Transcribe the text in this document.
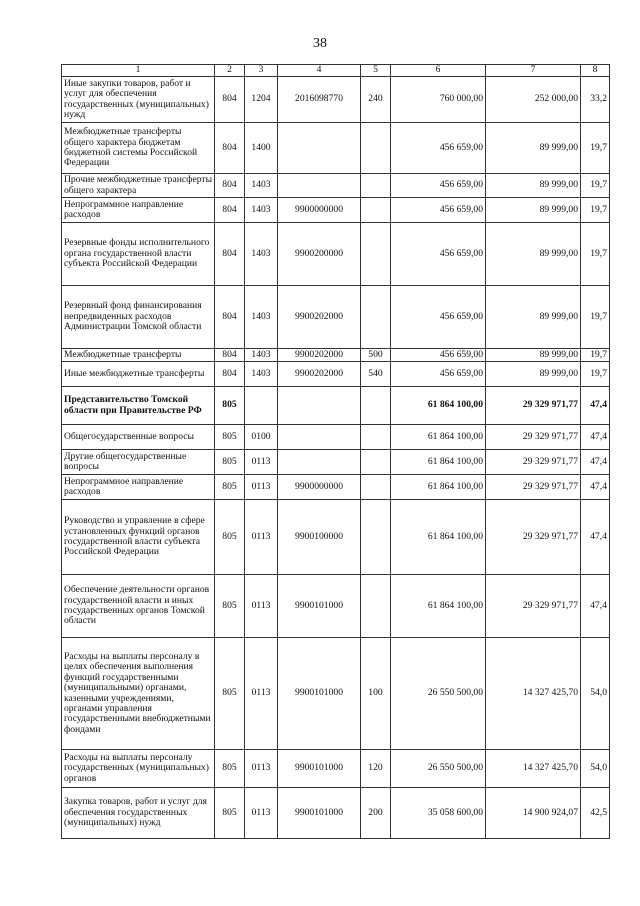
38
1	2	3	4	5	6	7	8
Иные закупки товаров, работ и услуг для обеспечения государственных (муниципальных) нужд	804	1204	2016098770	240	760 000,00	252 000,00	33,2
Межбюджетные трансферты общего характера бюджетам бюджетной системы Российской Федерации	804	1400			456 659,00	89 999,00	19,7
Прочие межбюджетные трансферты общего характера	804	1403			456 659,00	89 999,00	19,7
Непрограммное направление расходов	804	1403	9900000000		456 659,00	89 999,00	19,7
Резервные фонды исполнительного органа государственной власти субъекта Российской Федерации	804	1403	9900200000		456 659,00	89 999,00	19,7
Резервный фонд финансирования непредвиденных расходов Администрации Томской области	804	1403	9900202000		456 659,00	89 999,00	19,7
Межбюджетные трансферты	804	1403	9900202000	500	456 659,00	89 999,00	19,7
Иные межбюджетные трансферты	804	1403	9900202000	540	456 659,00	89 999,00	19,7
Представительство Томской области при Правительстве РФ	805				61 864 100,00	29 329 971,77	47,4
Общегосударственные вопросы	805	0100			61 864 100,00	29 329 971,77	47,4
Другие общегосударственные вопросы	805	0113			61 864 100,00	29 329 971,77	47,4
Непрограммное направление расходов	805	0113	9900000000		61 864 100,00	29 329 971,77	47,4
Руководство и управление в сфере установленных функций органов государственной власти субъекта Российской Федерации	805	0113	9900100000		61 864 100,00	29 329 971,77	47,4
Обеспечение деятельности органов государственной власти и иных государственных органов Томской области	805	0113	9900101000		61 864 100,00	29 329 971,77	47,4
Расходы на выплаты персоналу в целях обеспечения выполнения функций государственными (муниципальными) органами, казенными учреждениями, органами управления государственными внебюджетными фондами	805	0113	9900101000	100	26 550 500,00	14 327 425,70	54,0
Расходы на выплаты персоналу государственных (муниципальных) органов	805	0113	9900101000	120	26 550 500,00	14 327 425,70	54,0
Закупка товаров, работ и услуг для обеспечения государственных (муниципальных) нужд	805	0113	9900101000	200	35 058 600,00	14 900 924,07	42,5
